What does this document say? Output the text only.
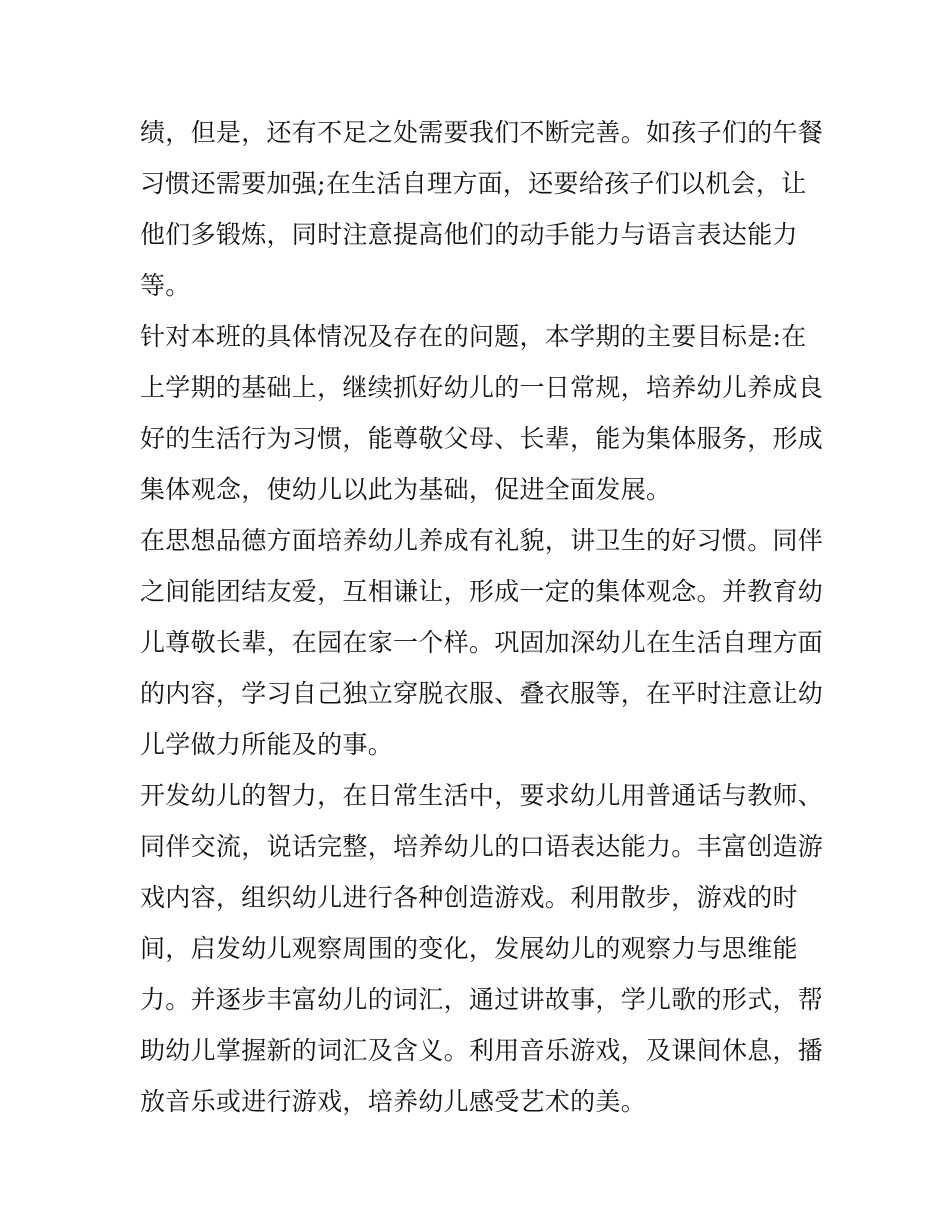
绩，但是，还有不足之处需要我们不断完善。如孩子们的午餐
习惯还需要加强;在生活自理方面，还要给孩子们以机会，让
他们多锻炼，同时注意提高他们的动手能力与语言表达能力
等。
针对本班的具体情况及存在的问题，本学期的主要目标是:在
上学期的基础上，继续抓好幼儿的一日常规，培养幼儿养成良
好的生活行为习惯，能尊敬父母、长辈，能为集体服务，形成
集体观念，使幼儿以此为基础，促进全面发展。
在思想品德方面培养幼儿养成有礼貌，讲卫生的好习惯。同伴
之间能团结友爱，互相谦让，形成一定的集体观念。并教育幼
儿尊敬长辈，在园在家一个样。巩固加深幼儿在生活自理方面
的内容，学习自己独立穿脱衣服、叠衣服等，在平时注意让幼
儿学做力所能及的事。
开发幼儿的智力，在日常生活中，要求幼儿用普通话与教师、
同伴交流，说话完整，培养幼儿的口语表达能力。丰富创造游
戏内容，组织幼儿进行各种创造游戏。利用散步，游戏的时
间，启发幼儿观察周围的变化，发展幼儿的观察力与思维能
力。并逐步丰富幼儿的词汇，通过讲故事，学儿歌的形式，帮
助幼儿掌握新的词汇及含义。利用音乐游戏，及课间休息，播
放音乐或进行游戏，培养幼儿感受艺术的美。
